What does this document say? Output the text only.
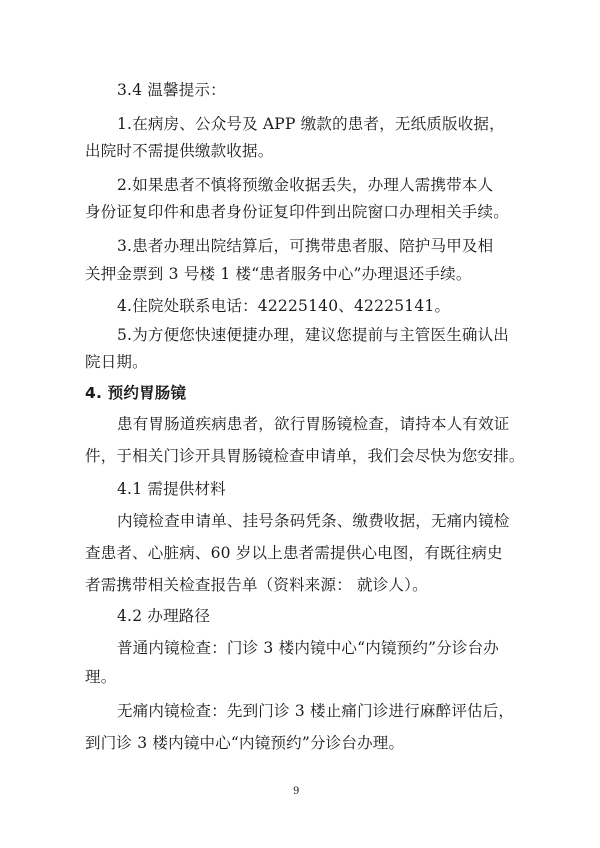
3.4 温馨提示：
1.在病房、公众号及 APP 缴款的患者，无纸质版收据，
出院时不需提供缴款收据。
2.如果患者不慎将预缴金收据丢失，办理人需携带本人
身份证复印件和患者身份证复印件到出院窗口办理相关手续。
3.患者办理出院结算后，可携带患者服、陪护马甲及相
关押金票到 3 号楼 1 楼“患者服务中心”办理退还手续。
4.住院处联系电话：42225140、42225141。
5.为方便您快速便捷办理，建议您提前与主管医生确认出
院日期。
4. 预约胃肠镜
患有胃肠道疾病患者，欲行胃肠镜检查，请持本人有效证
件，于相关门诊开具胃肠镜检查申请单，我们会尽快为您安排。
4.1 需提供材料
内镜检查申请单、挂号条码凭条、缴费收据，无痛内镜检
查患者、心脏病、60 岁以上患者需提供心电图，有既往病史
者需携带相关检查报告单（资料来源： 就诊人）。
4.2 办理路径
普通内镜检查：门诊 3 楼内镜中心“内镜预约”分诊台办
理。
无痛内镜检查：先到门诊 3 楼止痛门诊进行麻醉评估后，
到门诊 3 楼内镜中心“内镜预约”分诊台办理。
9
